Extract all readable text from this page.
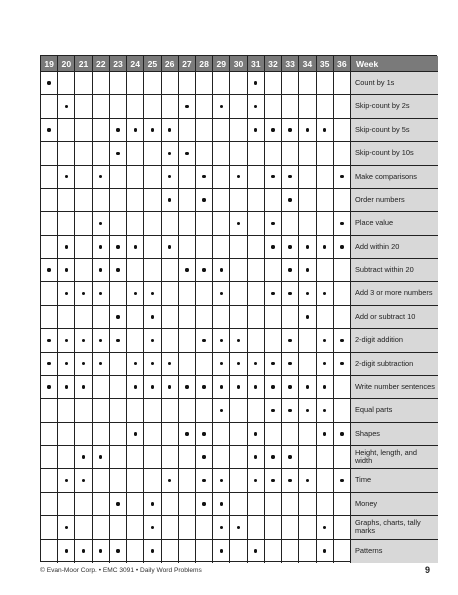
19 20 21 22 23 24 25 26 27 28 29 30 31 32 33 34 35 36	Week
Count by 1s
Skip-count by 2s
Skip-count by 5s
Skip-count by 10s
Make comparisons
Order numbers
Place value
Add within 20
Subtract within 20
Add 3 or more numbers
Add or subtract 10
2-digit addition
2-digit subtraction
Write number sentences
Equal parts
Shapes
Height, length, and width
Time
Money
Graphs, charts, tally marks
Patterns
© Evan-Moor Corp. • EMC 3091 • Daily Word Problems	9
